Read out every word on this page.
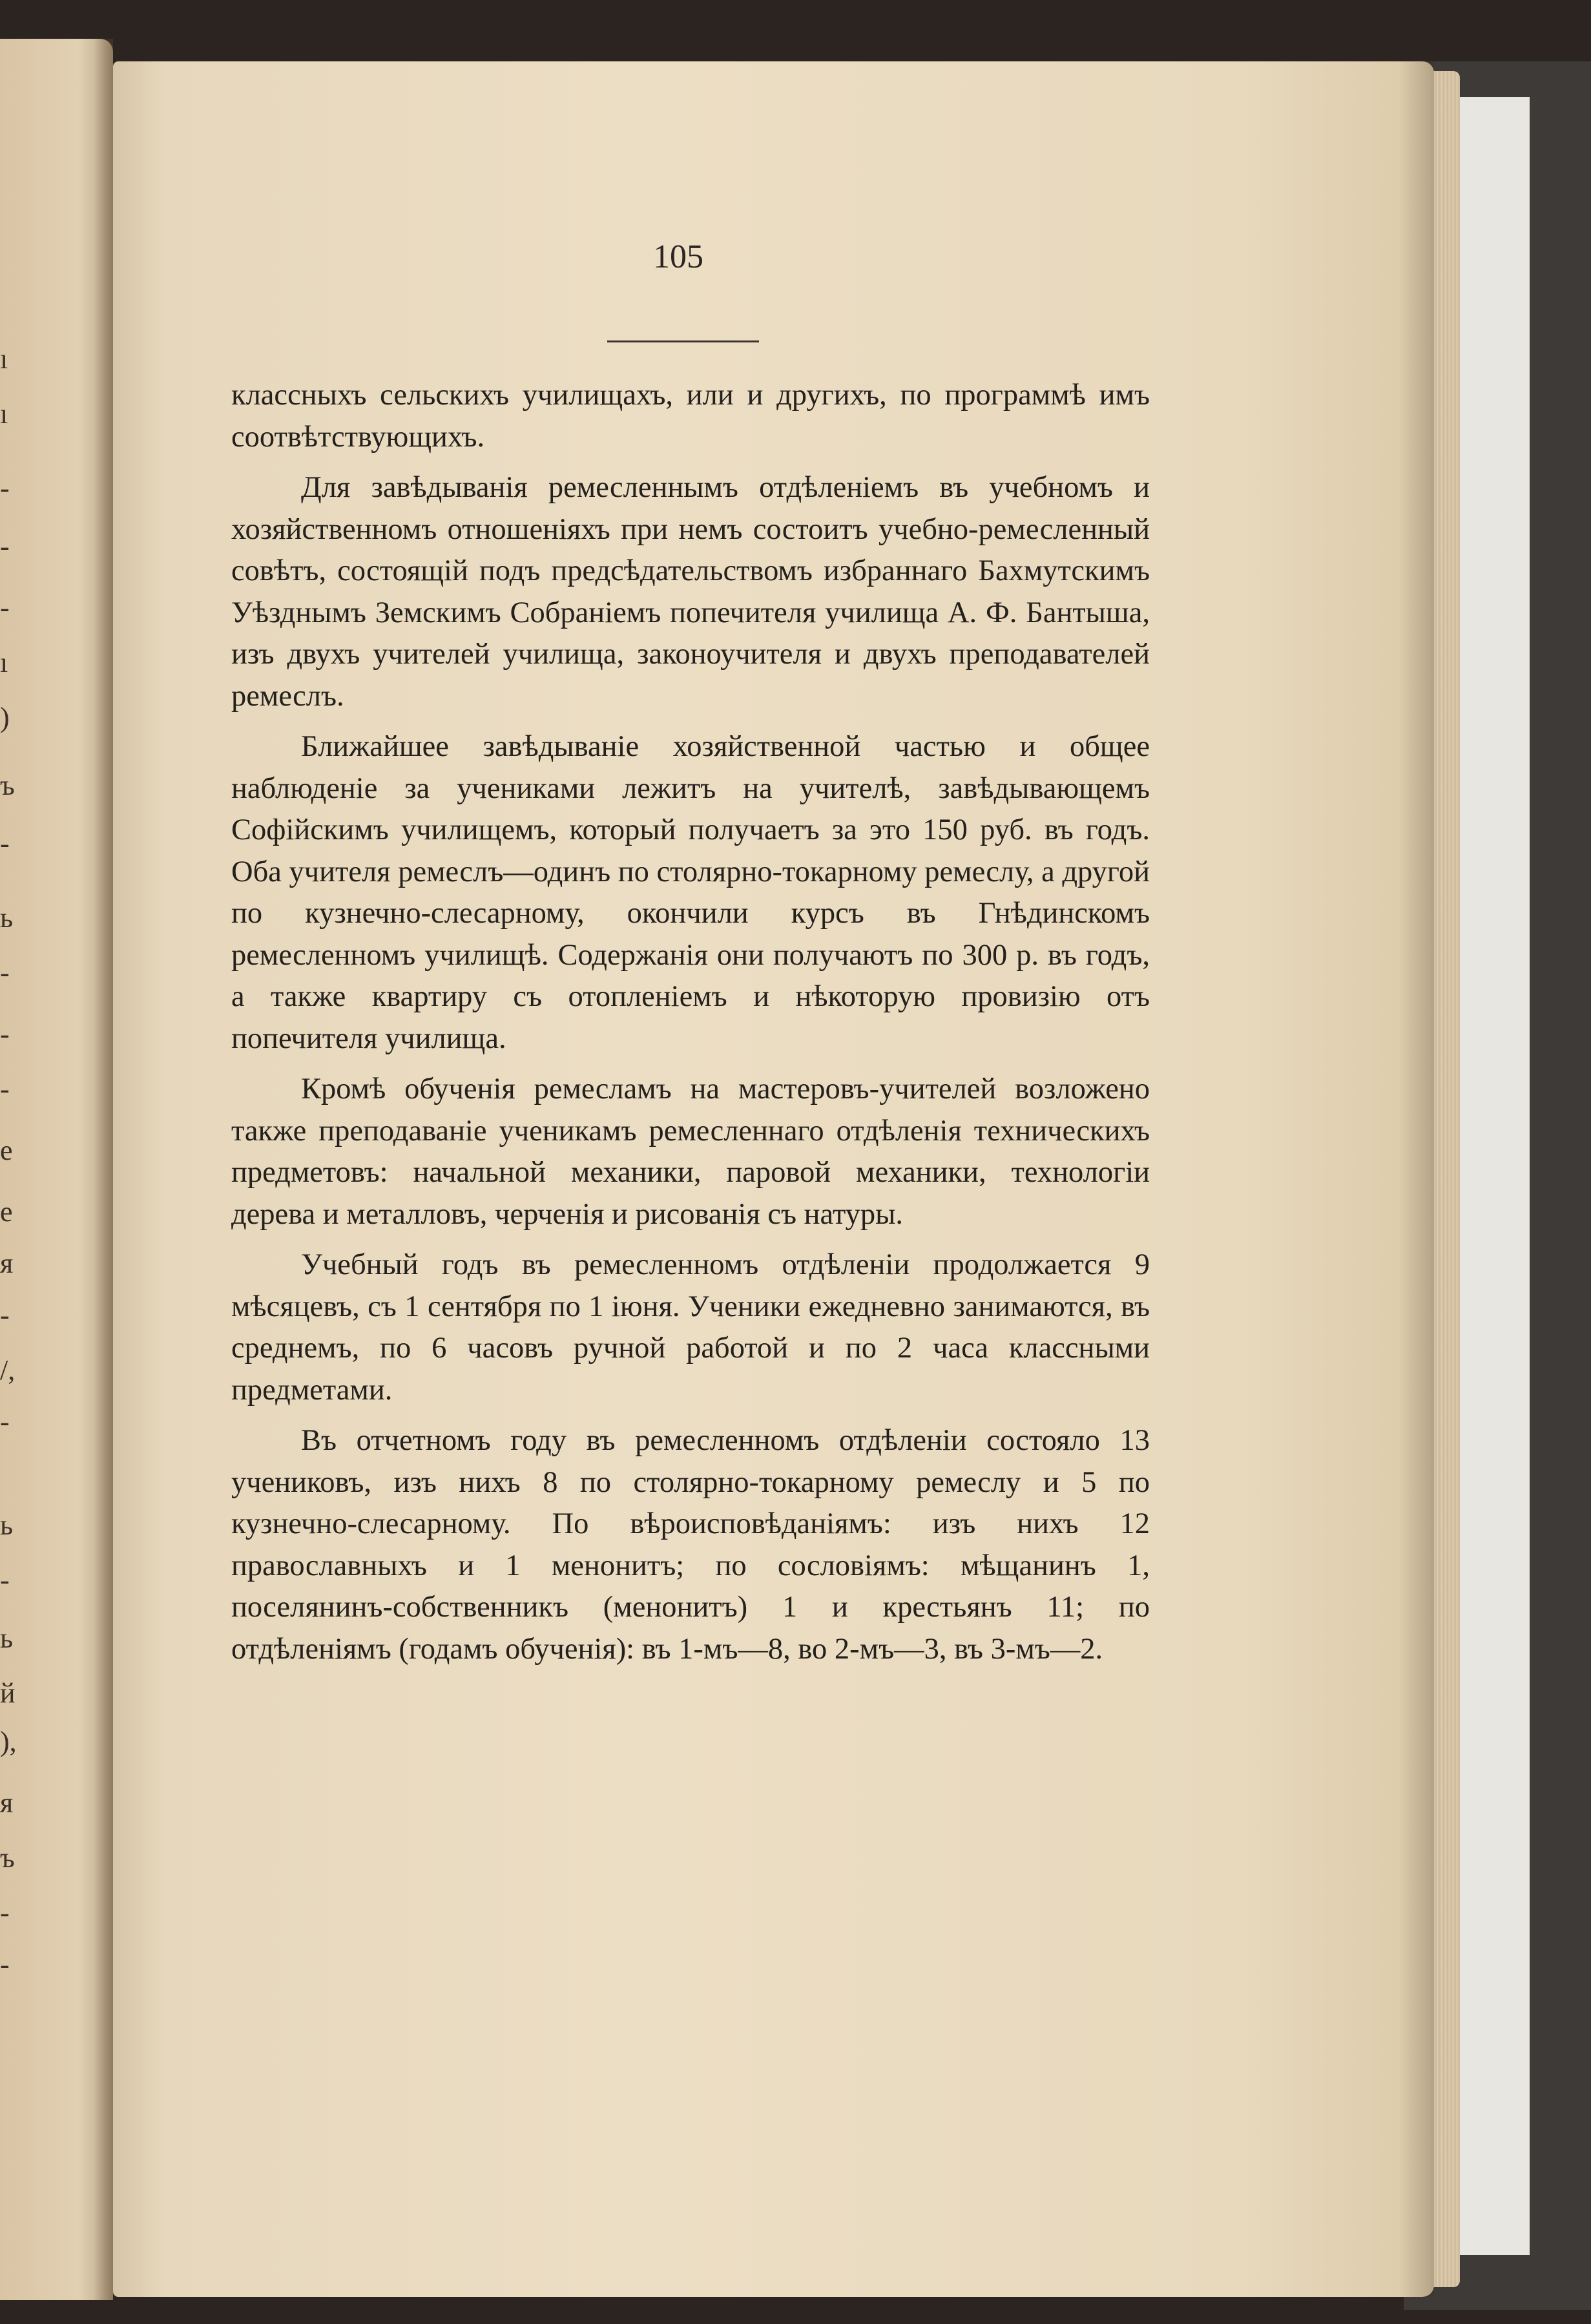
ı
ı
-
-
-
ı
)
ъ
-
ь
-
-
-
е
е
я
-
/,
-
ь
-
ь
й
),
я
ъ
-
-
105

классныхъ сельскихъ училищахъ, или и другихъ, по программѣ имъ соотвѣтствующихъ.

Для завѣдыванія ремесленнымъ отдѣленіемъ въ учебномъ и хозяйственномъ отношеніяхъ при немъ состоитъ учебно-ремесленный совѣтъ, состоящій подъ предсѣдательствомъ избраннаго Бахмутскимъ Уѣзднымъ Земскимъ Собраніемъ попечителя училища А. Ф. Бантыша, изъ двухъ учителей училища, законоучителя и двухъ преподавателей ремеслъ.

Ближайшее завѣдываніе хозяйственной частью и общее наблюденіе за учениками лежитъ на учителѣ, завѣдывающемъ Софійскимъ училищемъ, который получаетъ за это 150 руб. въ годъ. Оба учителя ремеслъ—одинъ по столярно-токарному ремеслу, а другой по кузнечно-слесарному, окончили курсъ въ Гнѣдинскомъ ремесленномъ училищѣ. Содержанія они получаютъ по 300 р. въ годъ, а также квартиру съ отопленіемъ и нѣкоторую провизію отъ попечителя училища.

Кромѣ обученія ремесламъ на мастеровъ-учителей возложено также преподаваніе ученикамъ ремесленнаго отдѣленія техническихъ предметовъ: начальной механики, паровой механики, технологіи дерева и металловъ, черченія и рисованія съ натуры.

Учебный годъ въ ремесленномъ отдѣленіи продолжается 9 мѣсяцевъ, съ 1 сентября по 1 іюня. Ученики ежедневно занимаются, въ среднемъ, по 6 часовъ ручной работой и по 2 часа классными предметами.

Въ отчетномъ году въ ремесленномъ отдѣленіи состояло 13 учениковъ, изъ нихъ 8 по столярно-токарному ремеслу и 5 по кузнечно-слесарному. По вѣроисповѣданіямъ: изъ нихъ 12 православныхъ и 1 менонитъ; по сословіямъ: мѣщанинъ 1, поселянинъ-собственникъ (менонитъ) 1 и крестьянъ 11; по отдѣленіямъ (годамъ обученія): въ 1-мъ—8, во 2-мъ—3, въ 3-мъ—2.
